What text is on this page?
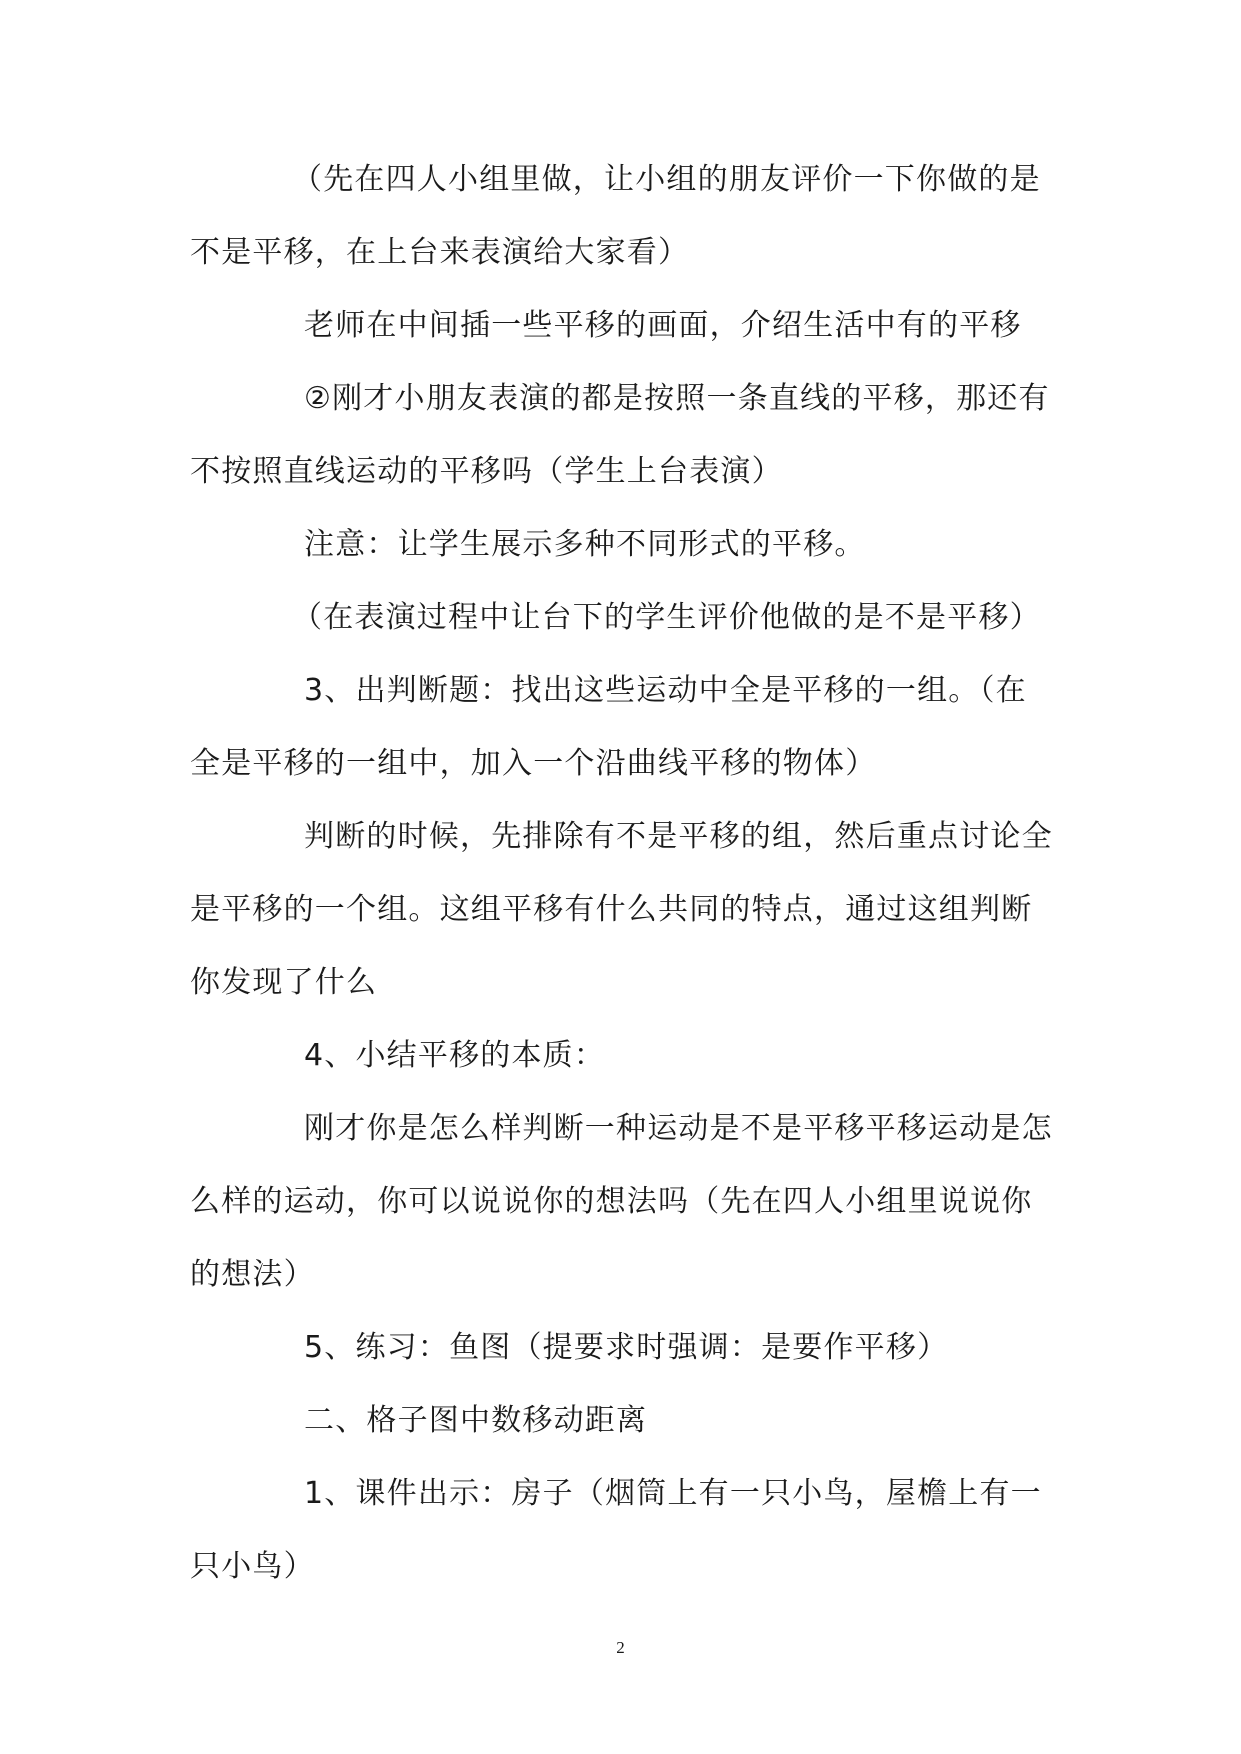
（先在四人小组里做，让小组的朋友评价一下你做的是不是平移，在上台来表演给大家看）

老师在中间插一些平移的画面，介绍生活中有的平移

②刚才小朋友表演的都是按照一条直线的平移，那还有不按照直线运动的平移吗（学生上台表演）

注意：让学生展示多种不同形式的平移。

（在表演过程中让台下的学生评价他做的是不是平移）

3、出判断题：找出这些运动中全是平移的一组。（在全是平移的一组中，加入一个沿曲线平移的物体）

判断的时候，先排除有不是平移的组，然后重点讨论全是平移的一个组。这组平移有什么共同的特点，通过这组判断你发现了什么

4、小结平移的本质：

刚才你是怎么样判断一种运动是不是平移平移运动是怎么样的运动，你可以说说你的想法吗（先在四人小组里说说你的想法）

5、练习：鱼图（提要求时强调：是要作平移）

二、格子图中数移动距离

1、课件出示：房子（烟筒上有一只小鸟，屋檐上有一只小鸟）

2
